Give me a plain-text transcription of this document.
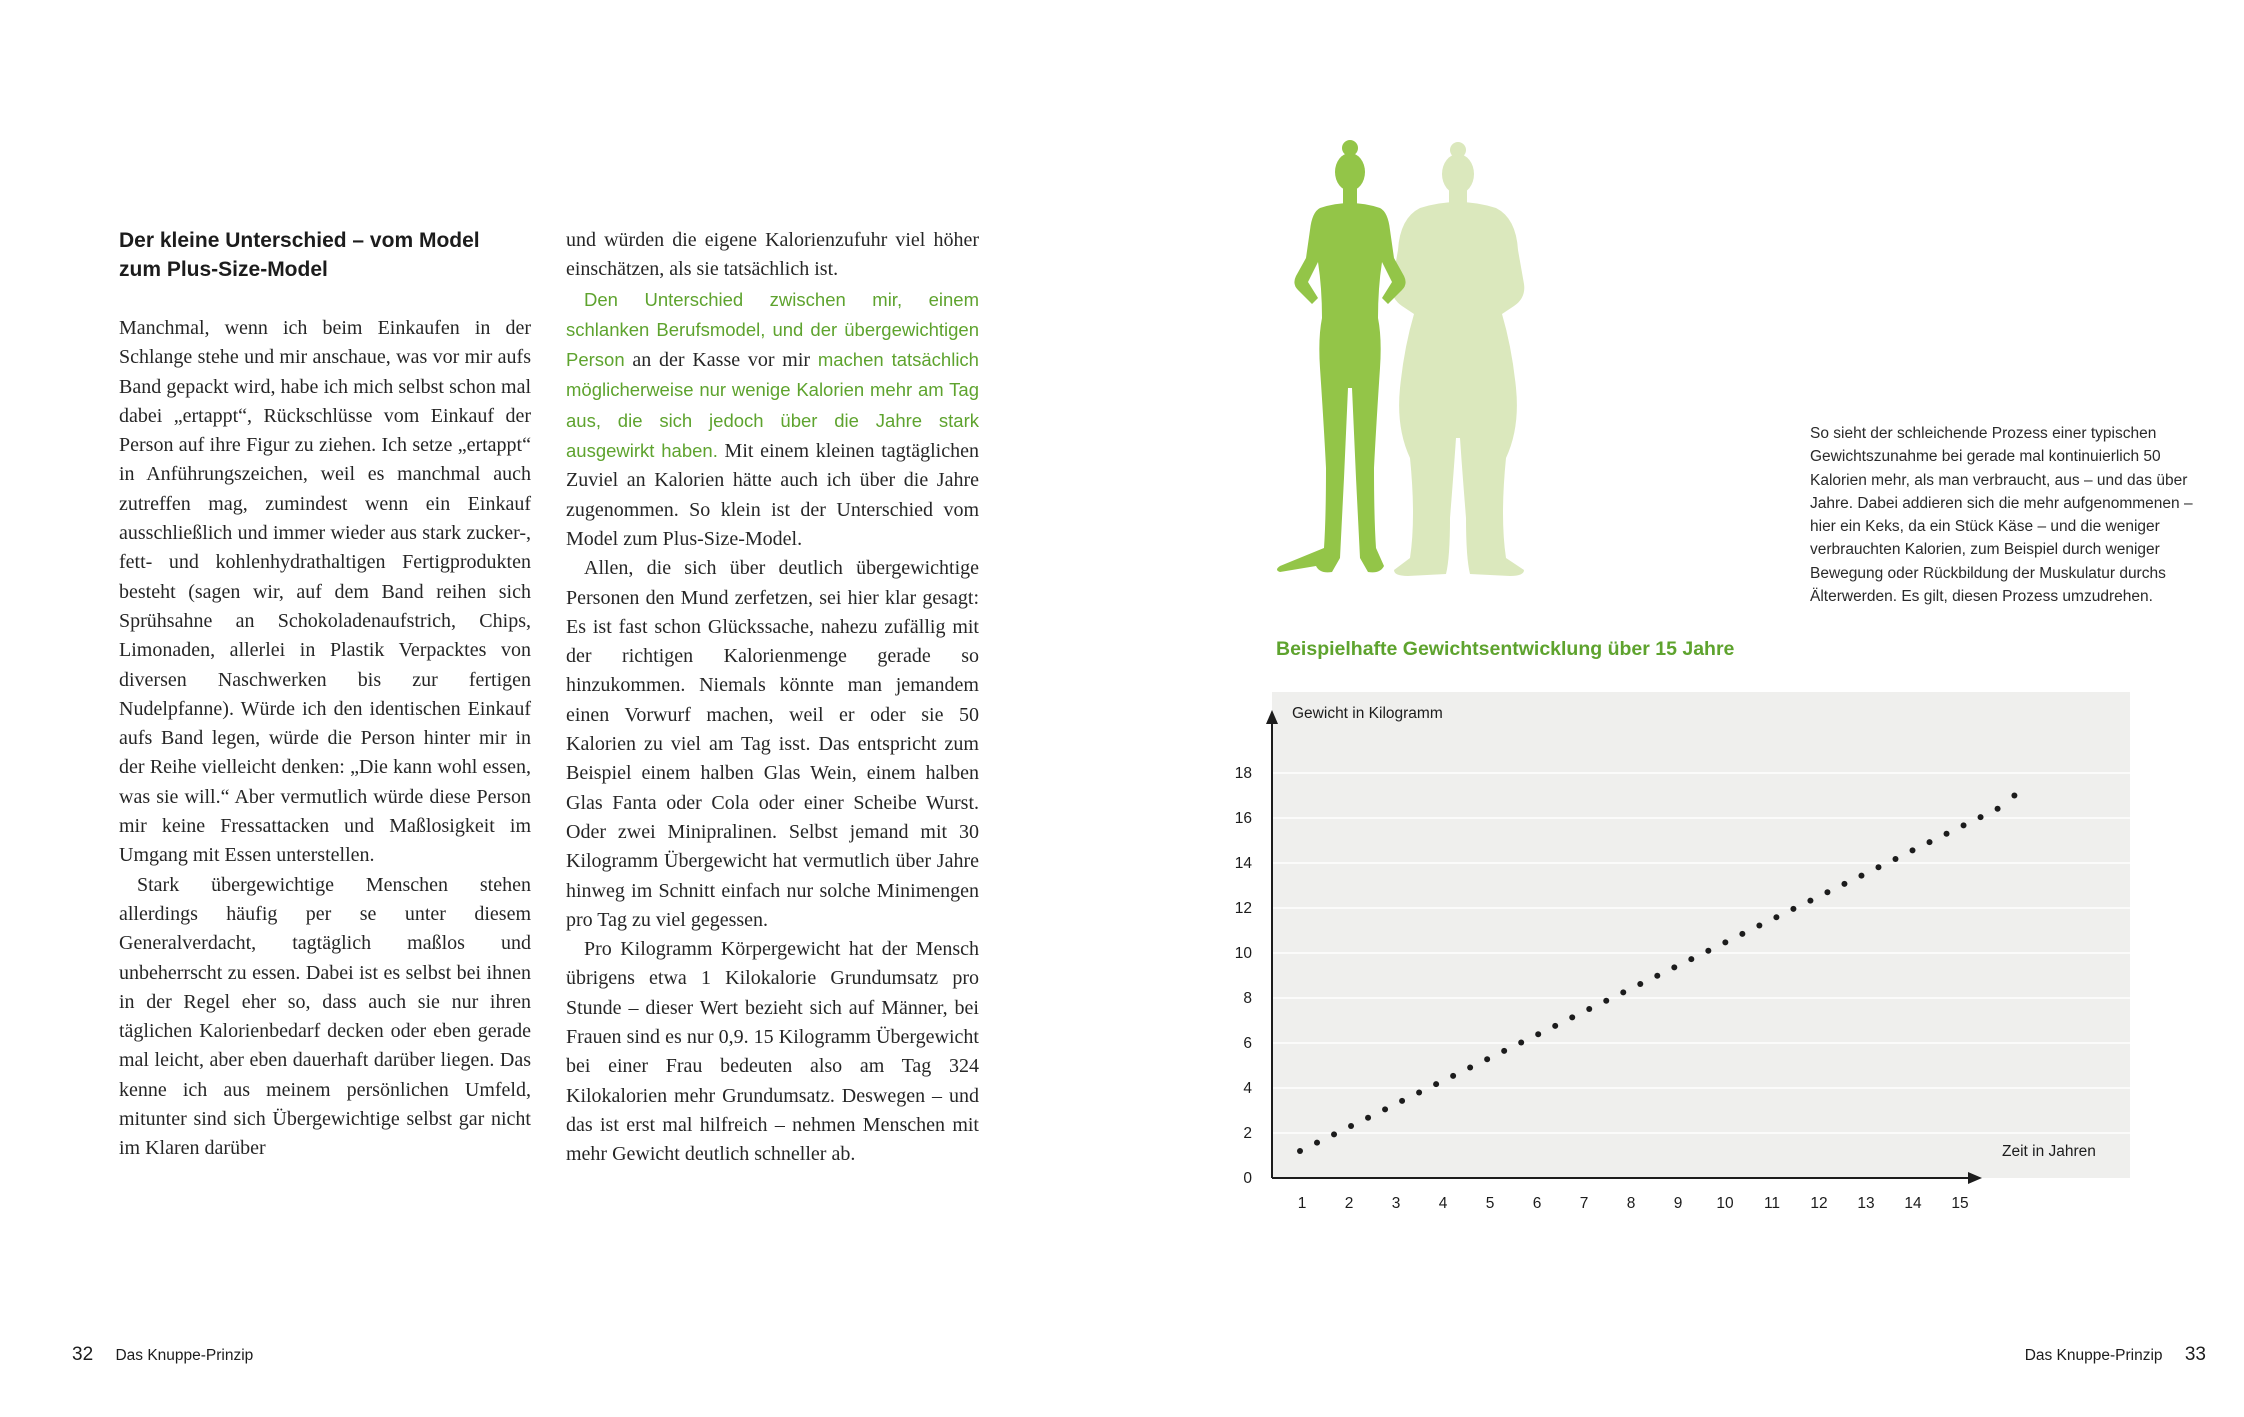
Der kleine Unterschied – vom Model
zum Plus-Size-Model

Manchmal, wenn ich beim Einkaufen in der Schlange stehe und mir anschaue, was vor mir aufs Band gepackt wird, habe ich mich selbst schon mal dabei „ertappt“, Rückschlüsse vom Einkauf der Person auf ihre Figur zu ziehen. Ich setze „ertappt“ in Anführungszeichen, weil es manchmal auch zutreffen mag, zumindest wenn ein Einkauf ausschließlich und immer wieder aus stark zucker-, fett- und kohlenhydrathaltigen Fertigprodukten besteht (sagen wir, auf dem Band reihen sich Sprühsahne an Schokoladenaufstrich, Chips, Limonaden, allerlei in Plastik Verpacktes von diversen Naschwerken bis zur fertigen Nudelpfanne). Würde ich den identischen Einkauf aufs Band legen, würde die Person hinter mir in der Reihe vielleicht denken: „Die kann wohl essen, was sie will.“ Aber vermutlich würde diese Person mir keine Fressattacken und Maßlosigkeit im Umgang mit Essen unterstellen.

Stark übergewichtige Menschen stehen allerdings häufig per se unter diesem Generalverdacht, tagtäglich maßlos und unbeherrscht zu essen. Dabei ist es selbst bei ihnen in der Regel eher so, dass auch sie nur ihren täglichen Kalorienbedarf decken oder eben gerade mal leicht, aber eben dauerhaft darüber liegen. Das kenne ich aus meinem persönlichen Umfeld, mitunter sind sich Übergewichtige selbst gar nicht im Klaren darüber

und würden die eigene Kalorienzufuhr viel höher einschätzen, als sie tatsächlich ist.

Den Unterschied zwischen mir, einem schlanken Berufsmodel, und der übergewichtigen Person an der Kasse vor mir machen tatsächlich möglicherweise nur wenige Kalorien mehr am Tag aus, die sich jedoch über die Jahre stark ausgewirkt haben. Mit einem kleinen tagtäglichen Zuviel an Kalorien hätte auch ich über die Jahre zugenommen. So klein ist der Unterschied vom Model zum Plus-Size-Model.

Allen, die sich über deutlich übergewichtige Personen den Mund zerfetzen, sei hier klar gesagt: Es ist fast schon Glückssache, nahezu zufällig mit der richtigen Kalorienmenge gerade so hinzukommen. Niemals könnte man jemandem einen Vorwurf machen, weil er oder sie 50 Kalorien zu viel am Tag isst. Das entspricht zum Beispiel einem halben Glas Wein, einem halben Glas Fanta oder Cola oder einer Scheibe Wurst. Oder zwei Minipralinen. Selbst jemand mit 30 Kilogramm Übergewicht hat vermutlich über Jahre hinweg im Schnitt einfach nur solche Minimengen pro Tag zu viel gegessen.

Pro Kilogramm Körpergewicht hat der Mensch übrigens etwa 1 Kilokalorie Grundumsatz pro Stunde – dieser Wert bezieht sich auf Männer, bei Frauen sind es nur 0,9. 15 Kilogramm Übergewicht bei einer Frau bedeuten also am Tag 324 Kilokalorien mehr Grundumsatz. Deswegen – und das ist erst mal hilfreich – nehmen Menschen mit mehr Gewicht deutlich schneller ab.

32 Das Knuppe-Prinzip
So sieht der schleichende Prozess einer typischen Gewichtszunahme bei gerade mal kontinuierlich 50 Kalorien mehr, als man verbraucht, aus – und das über Jahre. Dabei addieren sich die mehr aufgenommenen – hier ein Keks, da ein Stück Käse – und die weniger verbrauchten Kalorien, zum Beispiel durch weniger Bewegung oder Rückbildung der Muskulatur durchs Älterwerden. Es gilt, diesen Prozess umzudrehen.
Beispielhafte Gewichtsentwicklung über 15 Jahre
0
2
4
6
8
10
12
14
16
18
1 2 3 4 5 6 7 8 9 10 11 12 13 14 15
Gewicht in Kilogramm
Zeit in Jahren
Das Knuppe-Prinzip 33
